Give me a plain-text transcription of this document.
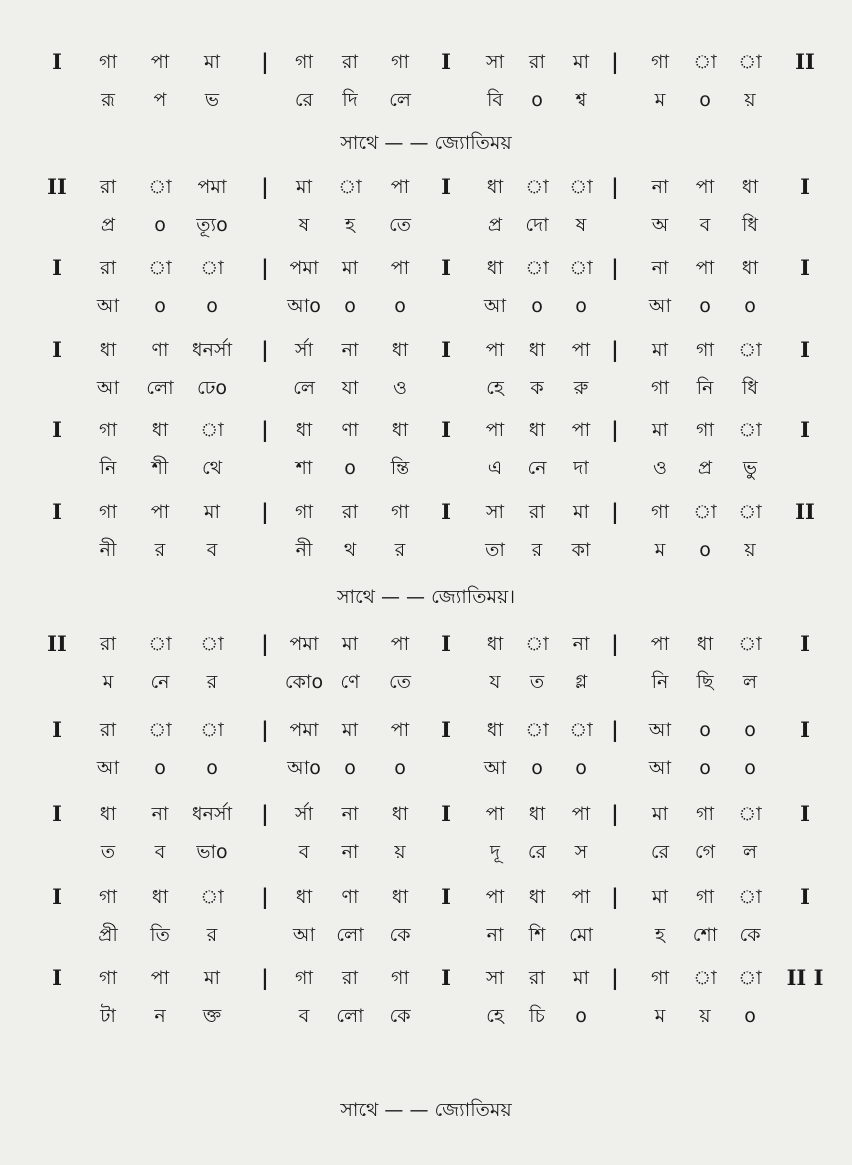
I গা পা মা | গা রা গা I সা রা মা | গা া া II
রূ প ভ	রে দি লে	বি o শ্ব	ম o য়
সাথে — — জ্যোতিময়
II রা া পমা | মা া পা I ধা া া | না পা ধা I
প্র o ত্যূo	ষ হ তে	প্র দো ষ	অ ব ধি
I রা া া | পমা মা পা I ধা া া | না পা ধা I
আ o o	আo o o	আ o o	আ o o
I ধা ণা ধনর্সা | র্সা না ধা I পা ধা পা | মা গা া I
আ লো ঢেo	লে যা ও	হে ক রু	গা নি ধি
I গা ধা া | ধা ণা ধা I পা ধা পা | মা গা া I
নি শী থে	শা o ন্তি	এ নে দা	ও প্র ভু
I গা পা মা | গা রা গা I সা রা মা | গা া া II
নী র ব	নী থ র	তা র কা	ম o য়
সাথে — — জ্যোতিময়।
II রা া া | পমা মা পা I ধা া না | পা ধা া I
ম নে র	কোo ণে তে	য ত গ্ল	নি ছি ল
I রা া া | পমা মা পা I ধা া া | আ o o I
আ o o	আo o o	আ o o	আ o o
I ধা না ধনর্সা | র্সা না ধা I পা ধা পা | মা গা া I
ত ব ভাo	ব না য়	দূ রে স	রে গে ল
I গা ধা া | ধা ণা ধা I পা ধা পা | মা গা া I
প্রী তি র	আ লো কে	না শি মো	হ শো কে
I গা পা মা | গা রা গা I সা রা মা | গা া া II I
টা ন ক্ত	ব লো কে	হে চি o	ম য় o
সাথে — — জ্যোতিময়
